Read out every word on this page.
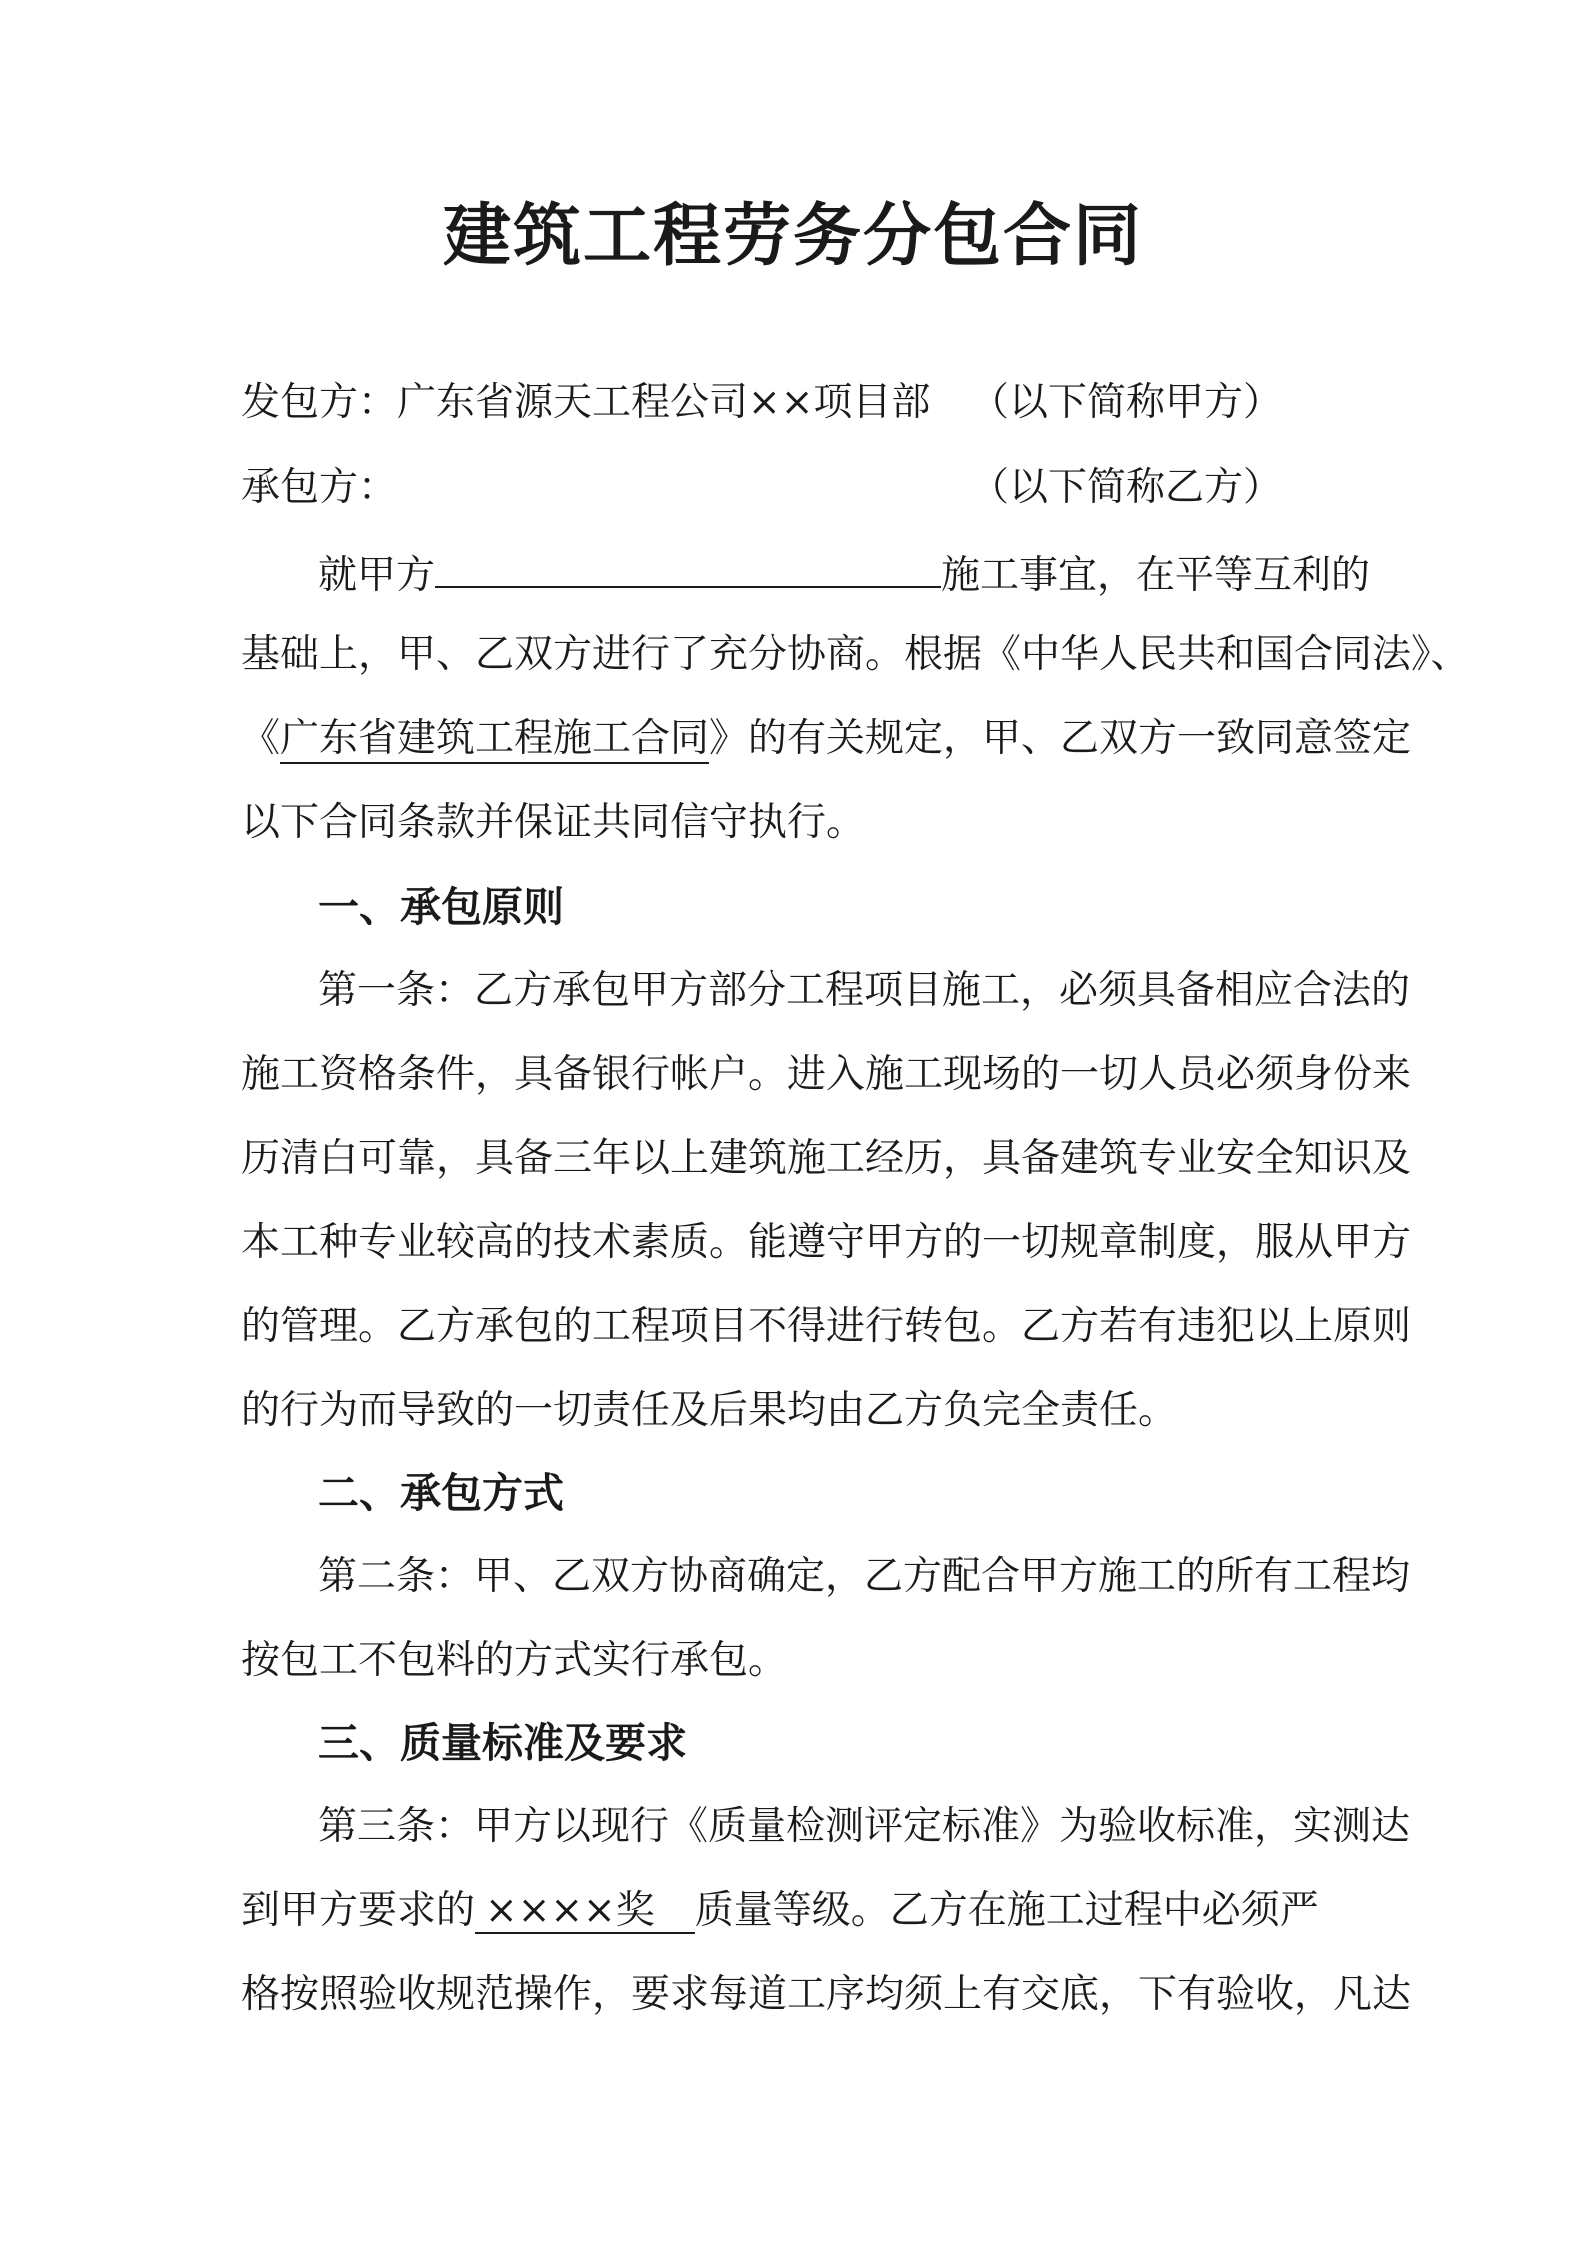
建筑工程劳务分包合同
发包方：广东省源天工程公司××项目部	（以下简称甲方）
承包方：	（以下简称乙方）
就甲方	施工事宜，在平等互利的
基础上，甲、乙双方进行了充分协商。根据《中华人民共和国合同法》、
《广东省建筑工程施工合同》的有关规定，甲、乙双方一致同意签定
以下合同条款并保证共同信守执行。
一、承包原则
第一条：乙方承包甲方部分工程项目施工，必须具备相应合法的
施工资格条件，具备银行帐户。进入施工现场的一切人员必须身份来
历清白可靠，具备三年以上建筑施工经历，具备建筑专业安全知识及
本工种专业较高的技术素质。能遵守甲方的一切规章制度，服从甲方
的管理。乙方承包的工程项目不得进行转包。乙方若有违犯以上原则
的行为而导致的一切责任及后果均由乙方负完全责任。
二、承包方式
第二条：甲、乙双方协商确定，乙方配合甲方施工的所有工程均
按包工不包料的方式实行承包。
三、质量标准及要求
第三条：甲方以现行《质量检测评定标准》为验收标准，实测达
到甲方要求的 ××××奖 质量等级。乙方在施工过程中必须严
格按照验收规范操作，要求每道工序均须上有交底，下有验收，凡达
